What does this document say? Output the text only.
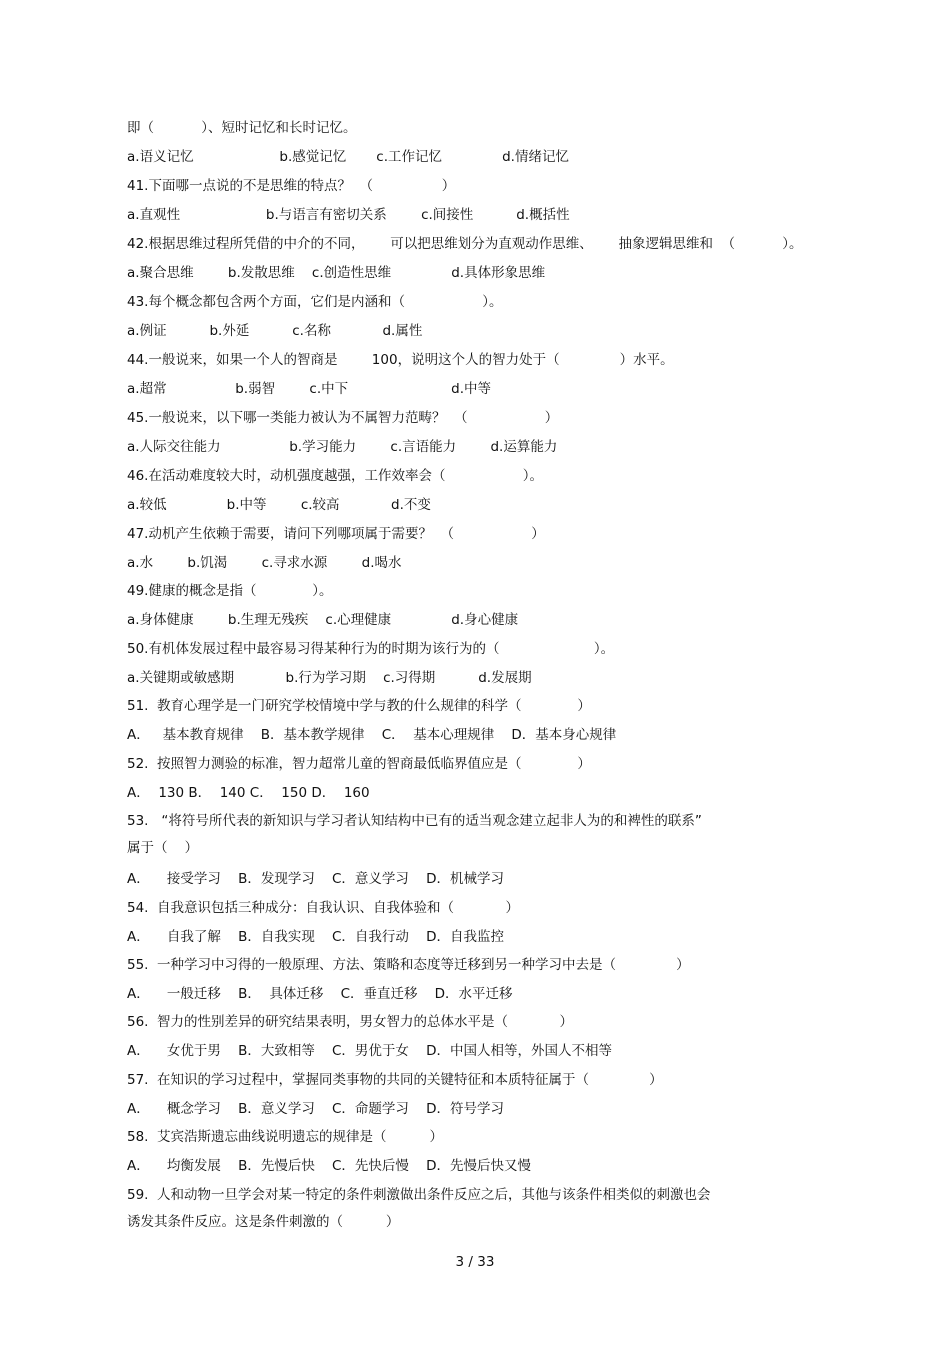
即（           ）、短时记忆和长时记忆。

a.语义记忆                    b.感觉记忆       c.工作记忆              d.情绪记忆

41.下面哪一点说的不是思维的特点？  （                ）

a.直观性                    b.与语言有密切关系        c.间接性          d.概括性

42.根据思维过程所凭借的中介的不同，      可以把思维划分为直观动作思维、      抽象逻辑思维和  （           ）。

a.聚合思维        b.发散思维    c.创造性思维              d.具体形象思维

43.每个概念都包含两个方面，它们是内涵和（                  ）。

a.例证          b.外延          c.名称            d.属性

44.一般说来，如果一个人的智商是        100，说明这个人的智力处于（              ）水平。

a.超常                b.弱智        c.中下                        d.中等

45.一般说来，以下哪一类能力被认为不属智力范畴？  （                  ）

a.人际交往能力                b.学习能力        c.言语能力        d.运算能力

46.在活动难度较大时，动机强度越强，工作效率会（                  ）。

a.较低              b.中等        c.较高            d.不变

47.动机产生依赖于需要，请问下列哪项属于需要？  （                  ）

a.水        b.饥渴        c.寻求水源        d.喝水

49.健康的概念是指（             ）。

a.身体健康        b.生理无残疾    c.心理健康              d.身心健康

50.有机体发展过程中最容易习得某种行为的时期为该行为的（                      ）。

a.关键期或敏感期            b.行为学习期    c.习得期          d.发展期

51.  教育心理学是一门研究学校情境中学与教的什么规律的科学（             ）

A．   基本教育规律    B．基本教学规律    C．  基本心理规律    D．基本身心规律

52.  按照智力测验的标准，智力超常儿童的智商最低临界值应是（             ）

A．  130 B．  140 C．  150 D．  160

53.   “将符号所代表的新知识与学习者认知结构中已有的适当观念建立起非人为的和裨性的联系”

属于（    ）

A．    接受学习    B．发现学习    C．意义学习    D．机械学习

54.  自我意识包括三种成分：自我认识、自我体验和（            ）

A．    自我了解    B．自我实现    C．自我行动    D．自我监控

55.  一种学习中习得的一般原理、方法、策略和态度等迁移到另一种学习中去是（              ）

A．    一般迁移    B．  具体迁移    C．垂直迁移    D．水平迁移

56.  智力的性别差异的研究结果表明，男女智力的总体水平是（            ）

A．    女优于男    B．大致相等    C．男优于女    D．中国人相等，外国人不相等

57.  在知识的学习过程中，掌握同类事物的共同的关键特征和本质特征属于（              ）

A．    概念学习    B．意义学习    C．命题学习    D．符号学习

58.  艾宾浩斯遗忘曲线说明遗忘的规律是（          ）

A．    均衡发展    B．先慢后快    C．先快后慢    D．先慢后快又慢

59.  人和动物一旦学会对某一特定的条件刺激做出条件反应之后，其他与该条件相类似的刺激也会

诱发其条件反应。这是条件刺激的（          ）

3 / 33
